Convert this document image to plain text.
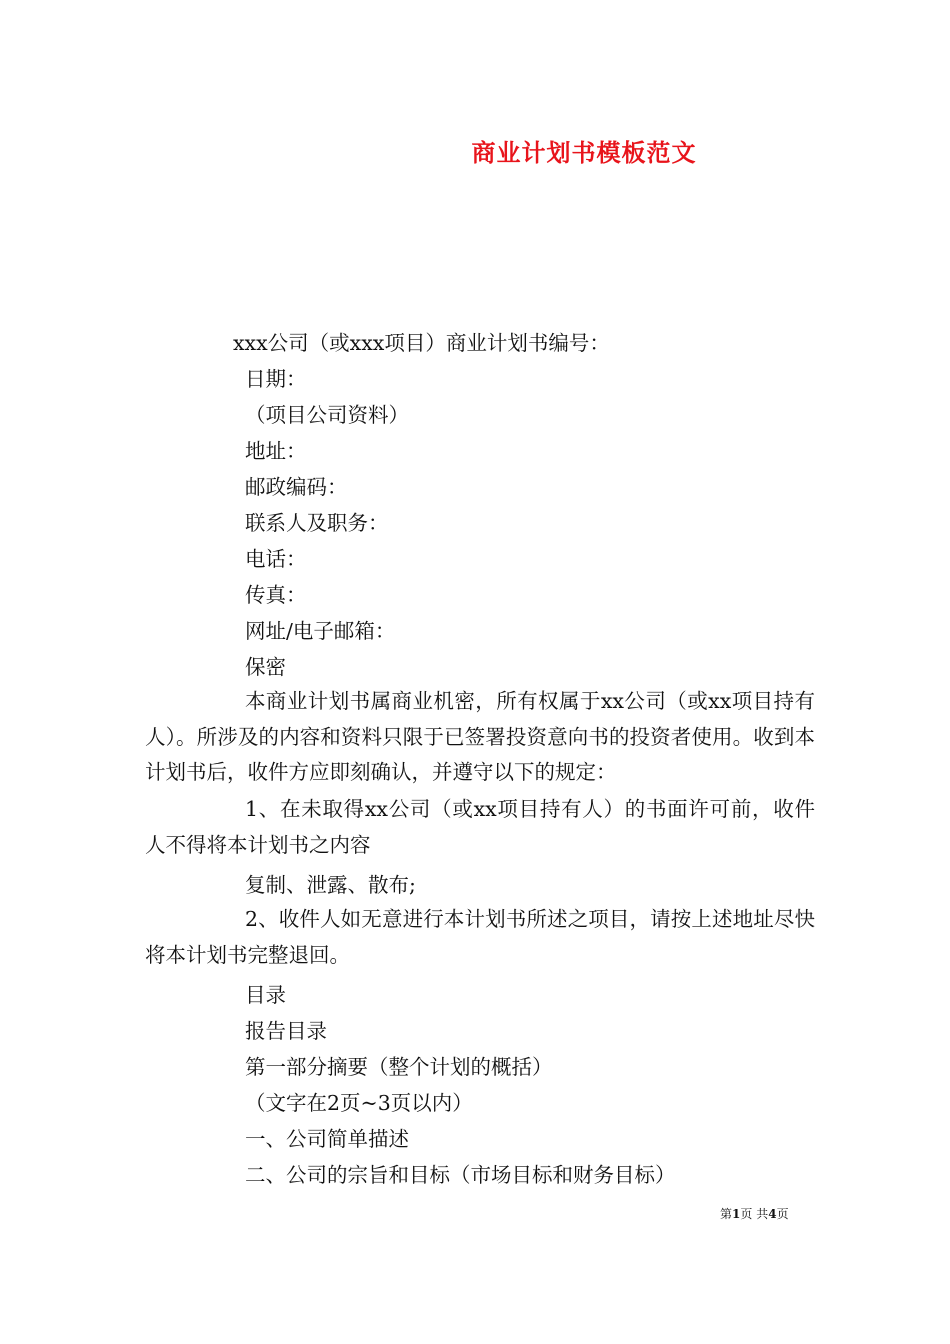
商业计划书模板范文
xxx公司（或xxx项目）商业计划书编号：
日期：
（项目公司资料）
地址：
邮政编码：
联系人及职务：
电话：
传真：
网址/电子邮箱：
保密
本商业计划书属商业机密，所有权属于xx公司（或xx项目持有人）。所涉及的内容和资料只限于已签署投资意向书的投资者使用。收到本计划书后，收件方应即刻确认，并遵守以下的规定：
1、在未取得xx公司（或xx项目持有人）的书面许可前，收件人不得将本计划书之内容
复制、泄露、散布;
2、收件人如无意进行本计划书所述之项目，请按上述地址尽快将本计划书完整退回。
目录
报告目录
第一部分摘要（整个计划的概括）
（文字在2页~3页以内）
一、公司简单描述
二、公司的宗旨和目标（市场目标和财务目标）
第1页 共4页
